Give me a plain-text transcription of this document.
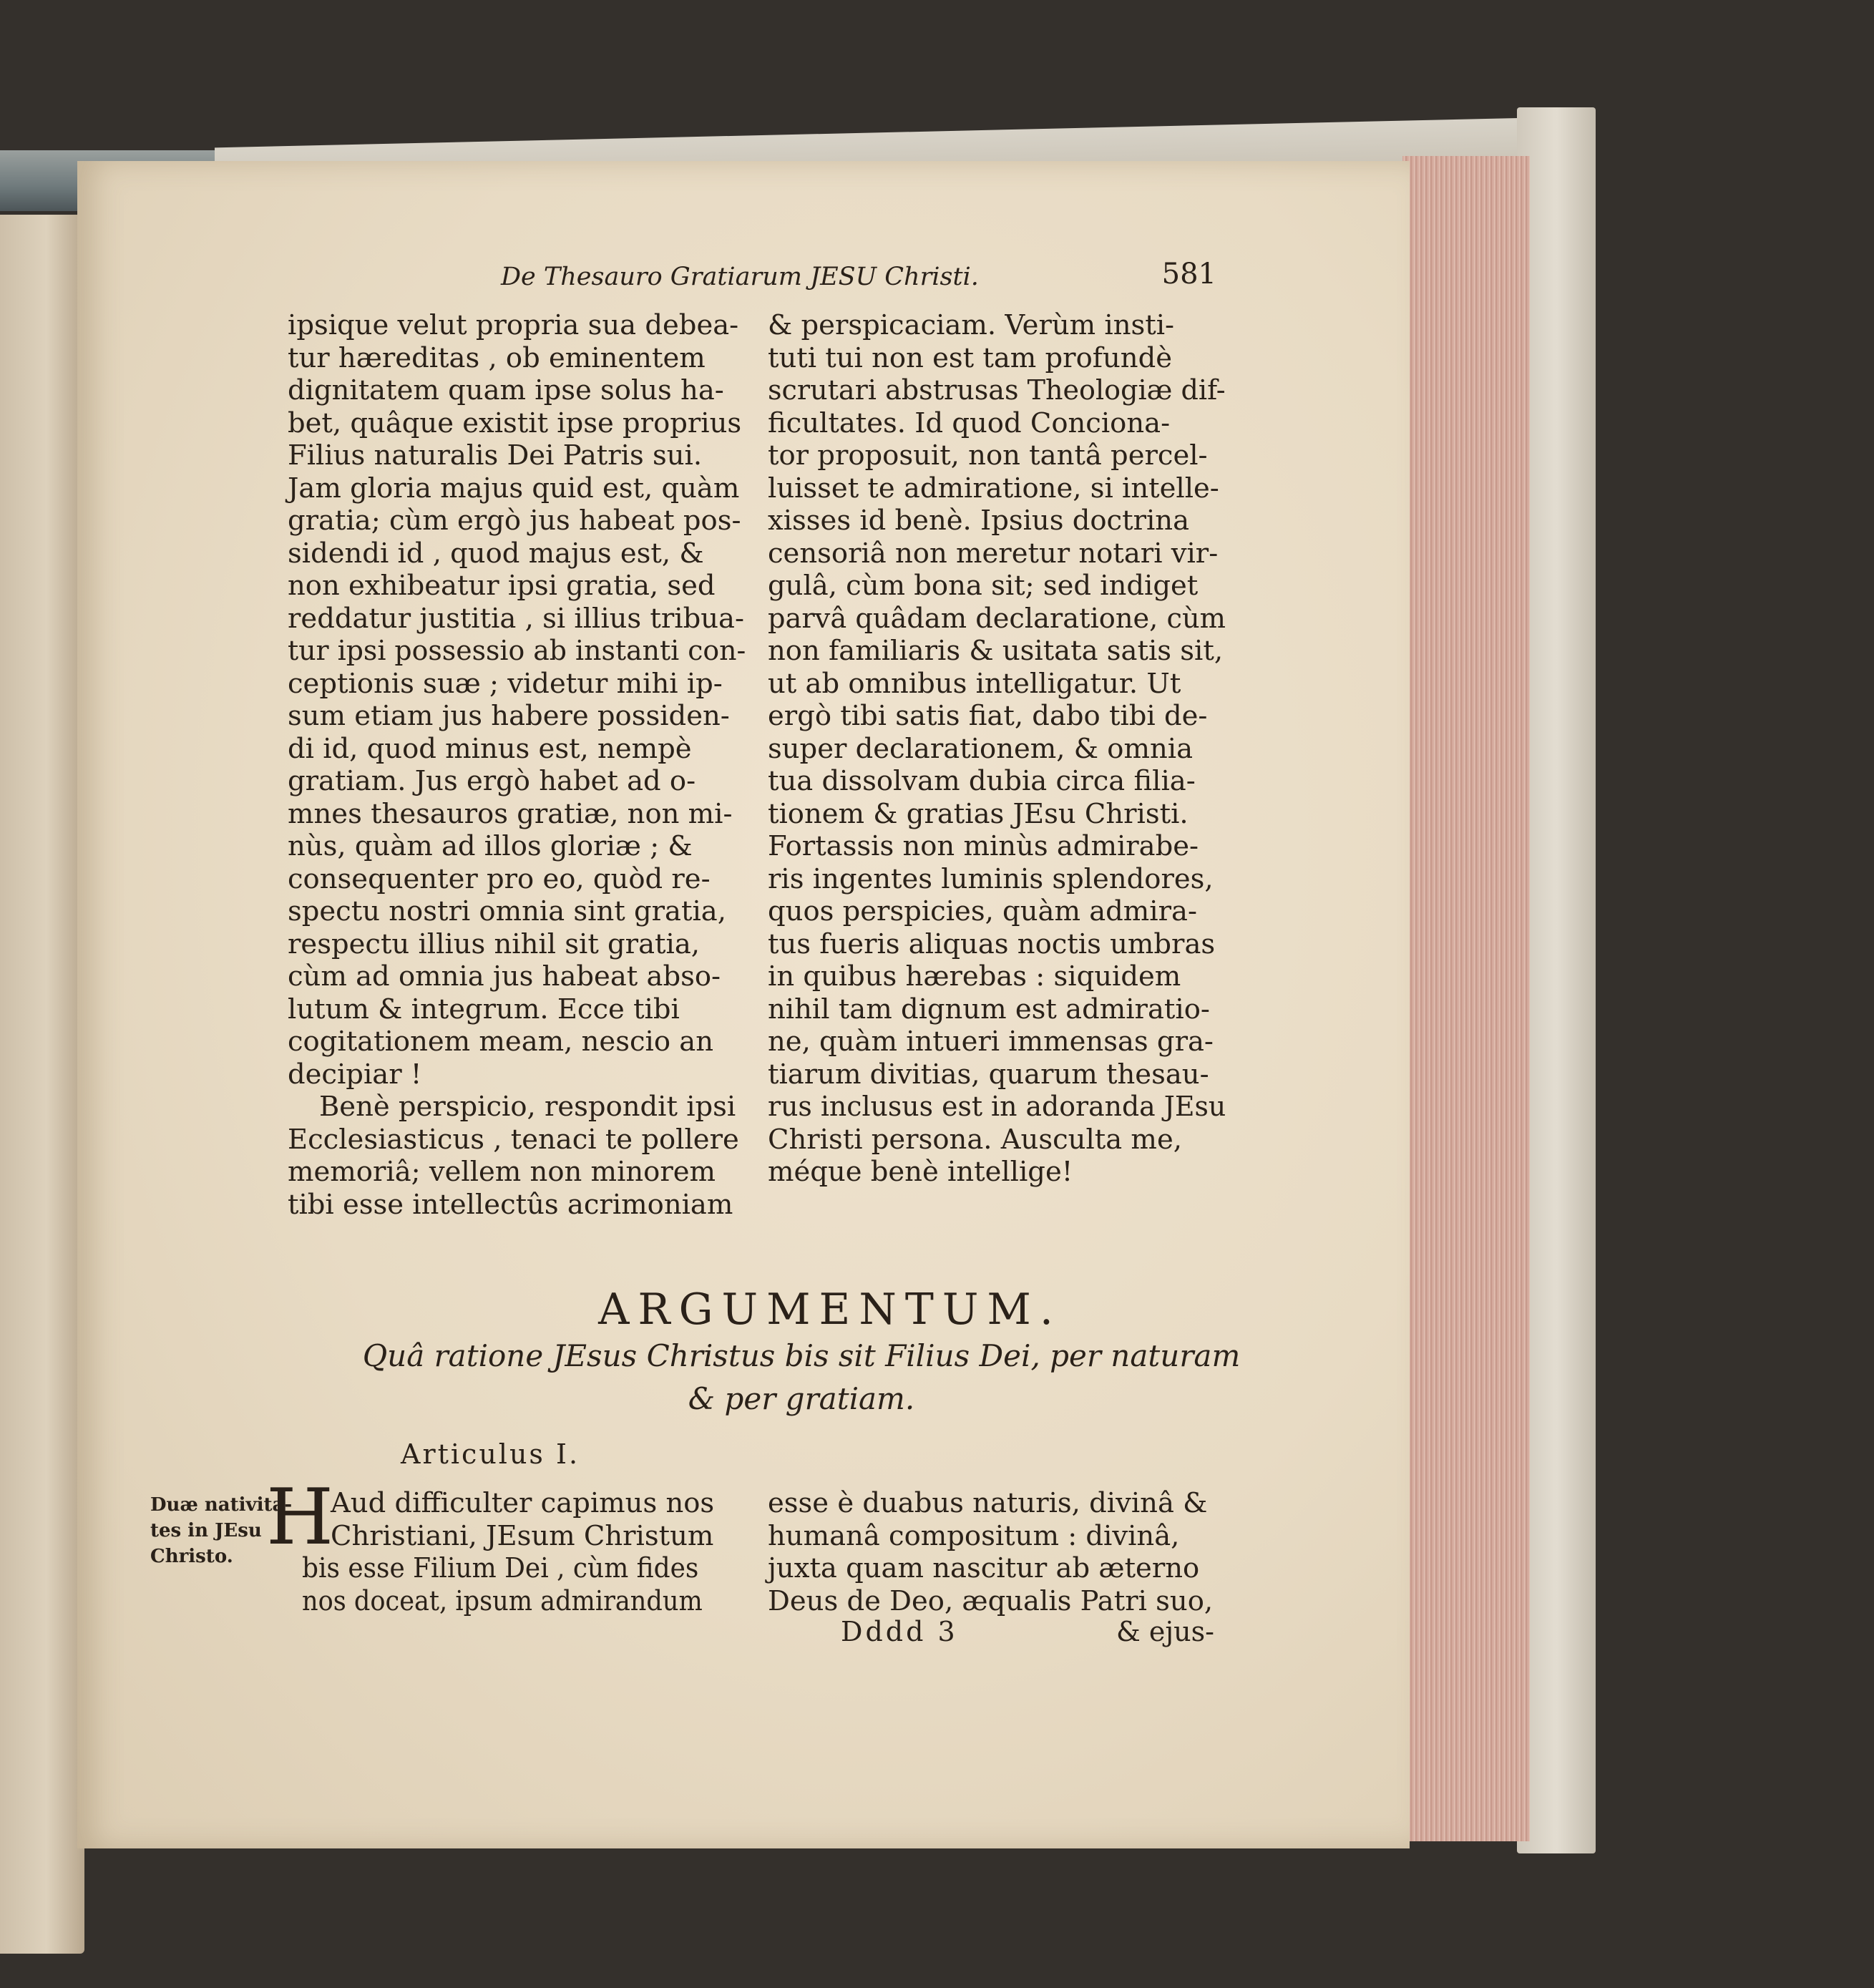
De Thesauro Gratiarum JESU Christi.	581
ipsique velut propria sua debea-
tur hæreditas , ob eminentem
dignitatem quam ipse solus ha-
bet, quâque existit ipse proprius
Filius naturalis Dei Patris sui.
Jam gloria majus quid est, quàm
gratia; cùm ergò jus habeat pos-
sidendi id , quod majus est, &
non exhibeatur ipsi gratia, sed
reddatur justitia , si illius tribua-
tur ipsi possessio ab instanti con-
ceptionis suæ ; videtur mihi ip-
sum etiam jus habere possiden-
di id, quod minus est, nempè
gratiam. Jus ergò habet ad o-
mnes thesauros gratiæ, non mi-
nùs, quàm ad illos gloriæ ; &
consequenter pro eo, quòd re-
spectu nostri omnia sint gratia,
respectu illius nihil sit gratia,
cùm ad omnia jus habeat abso-
lutum & integrum. Ecce tibi
cogitationem meam, nescio an
decipiar !
Benè perspicio, respondit ipsi
Ecclesiasticus , tenaci te pollere
memoriâ; vellem non minorem
tibi esse intellectûs acrimoniam
& perspicaciam. Verùm insti-
tuti tui non est tam profundè
scrutari abstrusas Theologiæ dif-
ficultates. Id quod Conciona-
tor proposuit, non tantâ percel-
luisset te admiratione, si intelle-
xisses id benè. Ipsius doctrina
censoriâ non meretur notari vir-
gulâ, cùm bona sit; sed indiget
parvâ quâdam declaratione, cùm
non familiaris & usitata satis sit,
ut ab omnibus intelligatur. Ut
ergò tibi satis fiat, dabo tibi de-
super declarationem, & omnia
tua dissolvam dubia circa filia-
tionem & gratias JEsu Christi.
Fortassis non minùs admirabe-
ris ingentes luminis splendores,
quos perspicies, quàm admira-
tus fueris aliquas noctis umbras
in quibus hærebas : siquidem
nihil tam dignum est admiratio-
ne, quàm intueri immensas gra-
tiarum divitias, quarum thesau-
rus inclusus est in adoranda JEsu
Christi persona. Ausculta me,
méque benè intellige!
ARGUMENTUM.
Quâ ratione JEsus Christus bis sit Filius Dei, per naturam
& per gratiam.
Articulus I.
Duæ nativita-
tes in JEsu
Christo. H
Aud difficulter capimus nos
Christiani, JEsum Christum
bis esse Filium Dei , cùm fides
nos doceat, ipsum admirandum
esse è duabus naturis, divinâ &
humanâ compositum : divinâ,
juxta quam nascitur ab æterno
Deus de Deo, æqualis Patri suo,
Dddd 3	& ejus-
